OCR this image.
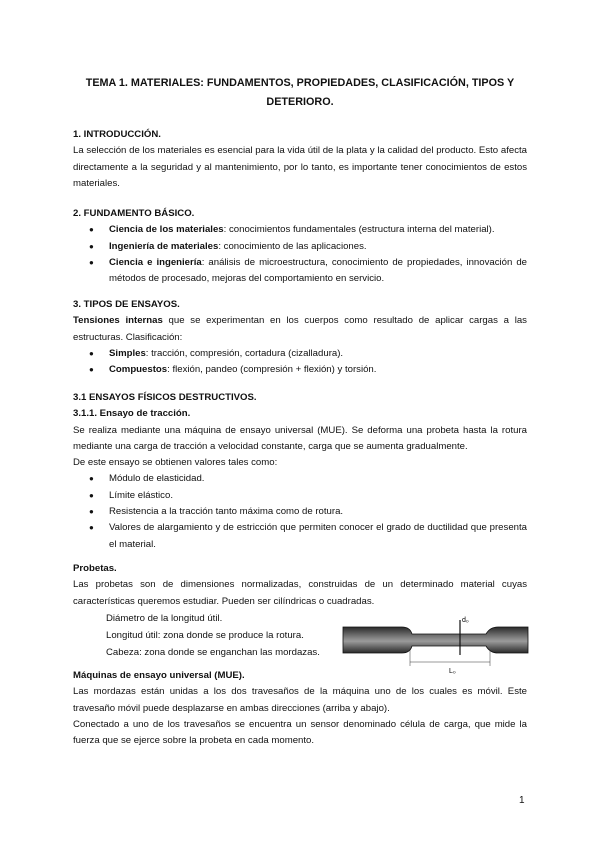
TEMA 1. MATERIALES: FUNDAMENTOS, PROPIEDADES, CLASIFICACIÓN, TIPOS Y
DETERIORO.
1. INTRODUCCIÓN.
La selección de los materiales es esencial para la vida útil de la plata y la calidad del producto. Esto afecta directamente a la seguridad y al mantenimiento, por lo tanto, es importante tener conocimientos de estos materiales.
2. FUNDAMENTO BÁSICO.
● Ciencia de los materiales: conocimientos fundamentales (estructura interna del material).
● Ingeniería de materiales: conocimiento de las aplicaciones.
● Ciencia e ingeniería: análisis de microestructura, conocimiento de propiedades, innovación de métodos de procesado, mejoras del comportamiento en servicio.
3. TIPOS DE ENSAYOS.
Tensiones internas que se experimentan en los cuerpos como resultado de aplicar cargas a las estructuras. Clasificación:
● Simples: tracción, compresión, cortadura (cizalladura).
● Compuestos: flexión, pandeo (compresión + flexión) y torsión.
3.1 ENSAYOS FÍSICOS DESTRUCTIVOS.
3.1.1. Ensayo de tracción.
Se realiza mediante una máquina de ensayo universal (MUE). Se deforma una probeta hasta la rotura mediante una carga de tracción a velocidad constante, carga que se aumenta gradualmente.
De este ensayo se obtienen valores tales como:
● Módulo de elasticidad.
● Límite elástico.
● Resistencia a la tracción tanto máxima como de rotura.
● Valores de alargamiento y de estricción que permiten conocer el grado de ductilidad que presenta el material.
Probetas.
Las probetas son de dimensiones normalizadas, construidas de un determinado material cuyas características queremos estudiar. Pueden ser cilíndricas o cuadradas.
Diámetro de la longitud útil.
Longitud útil: zona donde se produce la rotura.
Cabeza: zona donde se enganchan las mordazas.
d₀
L₀
Máquinas de ensayo universal (MUE).
Las mordazas están unidas a los dos travesaños de la máquina uno de los cuales es móvil. Este travesaño móvil puede desplazarse en ambas direcciones (arriba y abajo).
Conectado a uno de los travesaños se encuentra un sensor denominado célula de carga, que mide la fuerza que se ejerce sobre la probeta en cada momento.
1
